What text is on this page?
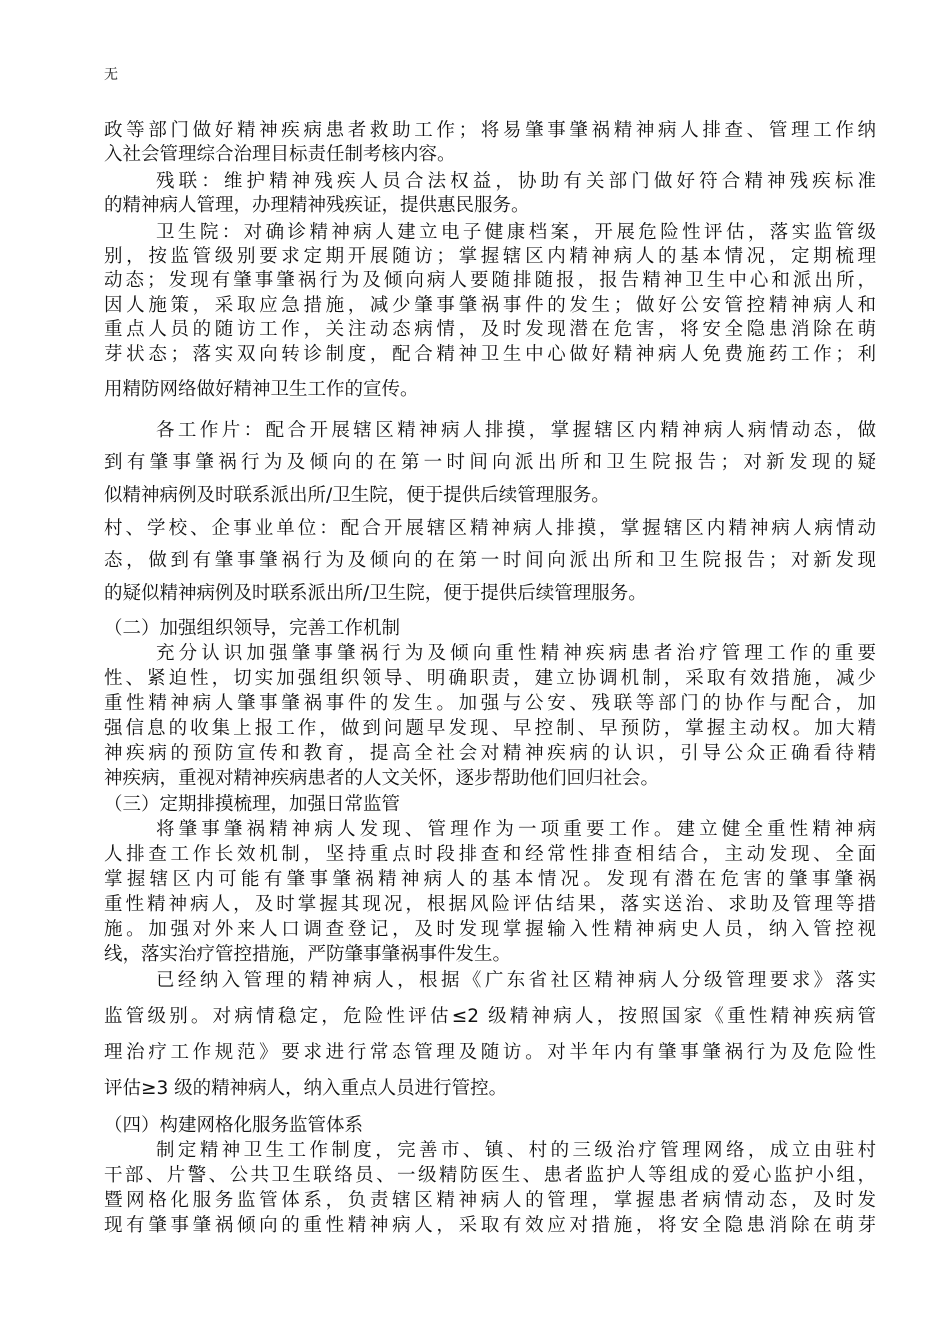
无
政等部门做好精神疾病患者救助工作；将易肇事肇祸精神病人排查、管理工作纳
入社会管理综合治理目标责任制考核内容。
残联：维护精神残疾人员合法权益，协助有关部门做好符合精神残疾标准
的精神病人管理，办理精神残疾证，提供惠民服务。
卫生院：对确诊精神病人建立电子健康档案，开展危险性评估，落实监管级
别，按监管级别要求定期开展随访；掌握辖区内精神病人的基本情况，定期梳理
动态；发现有肇事肇祸行为及倾向病人要随排随报，报告精神卫生中心和派出所，
因人施策，采取应急措施，减少肇事肇祸事件的发生；做好公安管控精神病人和
重点人员的随访工作，关注动态病情，及时发现潜在危害，将安全隐患消除在萌
芽状态；落实双向转诊制度，配合精神卫生中心做好精神病人免费施药工作；利
用精防网络做好精神卫生工作的宣传。
各工作片：配合开展辖区精神病人排摸，掌握辖区内精神病人病情动态，做
到有肇事肇祸行为及倾向的在第一时间向派出所和卫生院报告；对新发现的疑
似精神病例及时联系派出所/卫生院，便于提供后续管理服务。
村、学校、企事业单位：配合开展辖区精神病人排摸，掌握辖区内精神病人病情动
态，做到有肇事肇祸行为及倾向的在第一时间向派出所和卫生院报告；对新发现
的疑似精神病例及时联系派出所/卫生院，便于提供后续管理服务。
（二）加强组织领导，完善工作机制
充分认识加强肇事肇祸行为及倾向重性精神疾病患者治疗管理工作的重要
性、紧迫性，切实加强组织领导、明确职责，建立协调机制，采取有效措施，减少
重性精神病人肇事肇祸事件的发生。加强与公安、残联等部门的协作与配合，加
强信息的收集上报工作，做到问题早发现、早控制、早预防，掌握主动权。加大精
神疾病的预防宣传和教育，提高全社会对精神疾病的认识，引导公众正确看待精
神疾病，重视对精神疾病患者的人文关怀，逐步帮助他们回归社会。
（三）定期排摸梳理，加强日常监管
将肇事肇祸精神病人发现、管理作为一项重要工作。建立健全重性精神病
人排查工作长效机制，坚持重点时段排查和经常性排查相结合，主动发现、全面
掌握辖区内可能有肇事肇祸精神病人的基本情况。发现有潜在危害的肇事肇祸
重性精神病人，及时掌握其现况，根据风险评估结果，落实送治、求助及管理等措
施。加强对外来人口调查登记，及时发现掌握输入性精神病史人员，纳入管控视
线，落实治疗管控措施，严防肇事肇祸事件发生。
已经纳入管理的精神病人，根据《广东省社区精神病人分级管理要求》落实
监管级别。对病情稳定，危险性评估≤2 级精神病人，按照国家《重性精神疾病管
理治疗工作规范》要求进行常态管理及随访。对半年内有肇事肇祸行为及危险性
评估≥3 级的精神病人，纳入重点人员进行管控。
（四）构建网格化服务监管体系
制定精神卫生工作制度，完善市、镇、村的三级治疗管理网络，成立由驻村
干部、片警、公共卫生联络员、一级精防医生、患者监护人等组成的爱心监护小组，
暨网格化服务监管体系，负责辖区精神病人的管理，掌握患者病情动态，及时发
现有肇事肇祸倾向的重性精神病人，采取有效应对措施，将安全隐患消除在萌芽
